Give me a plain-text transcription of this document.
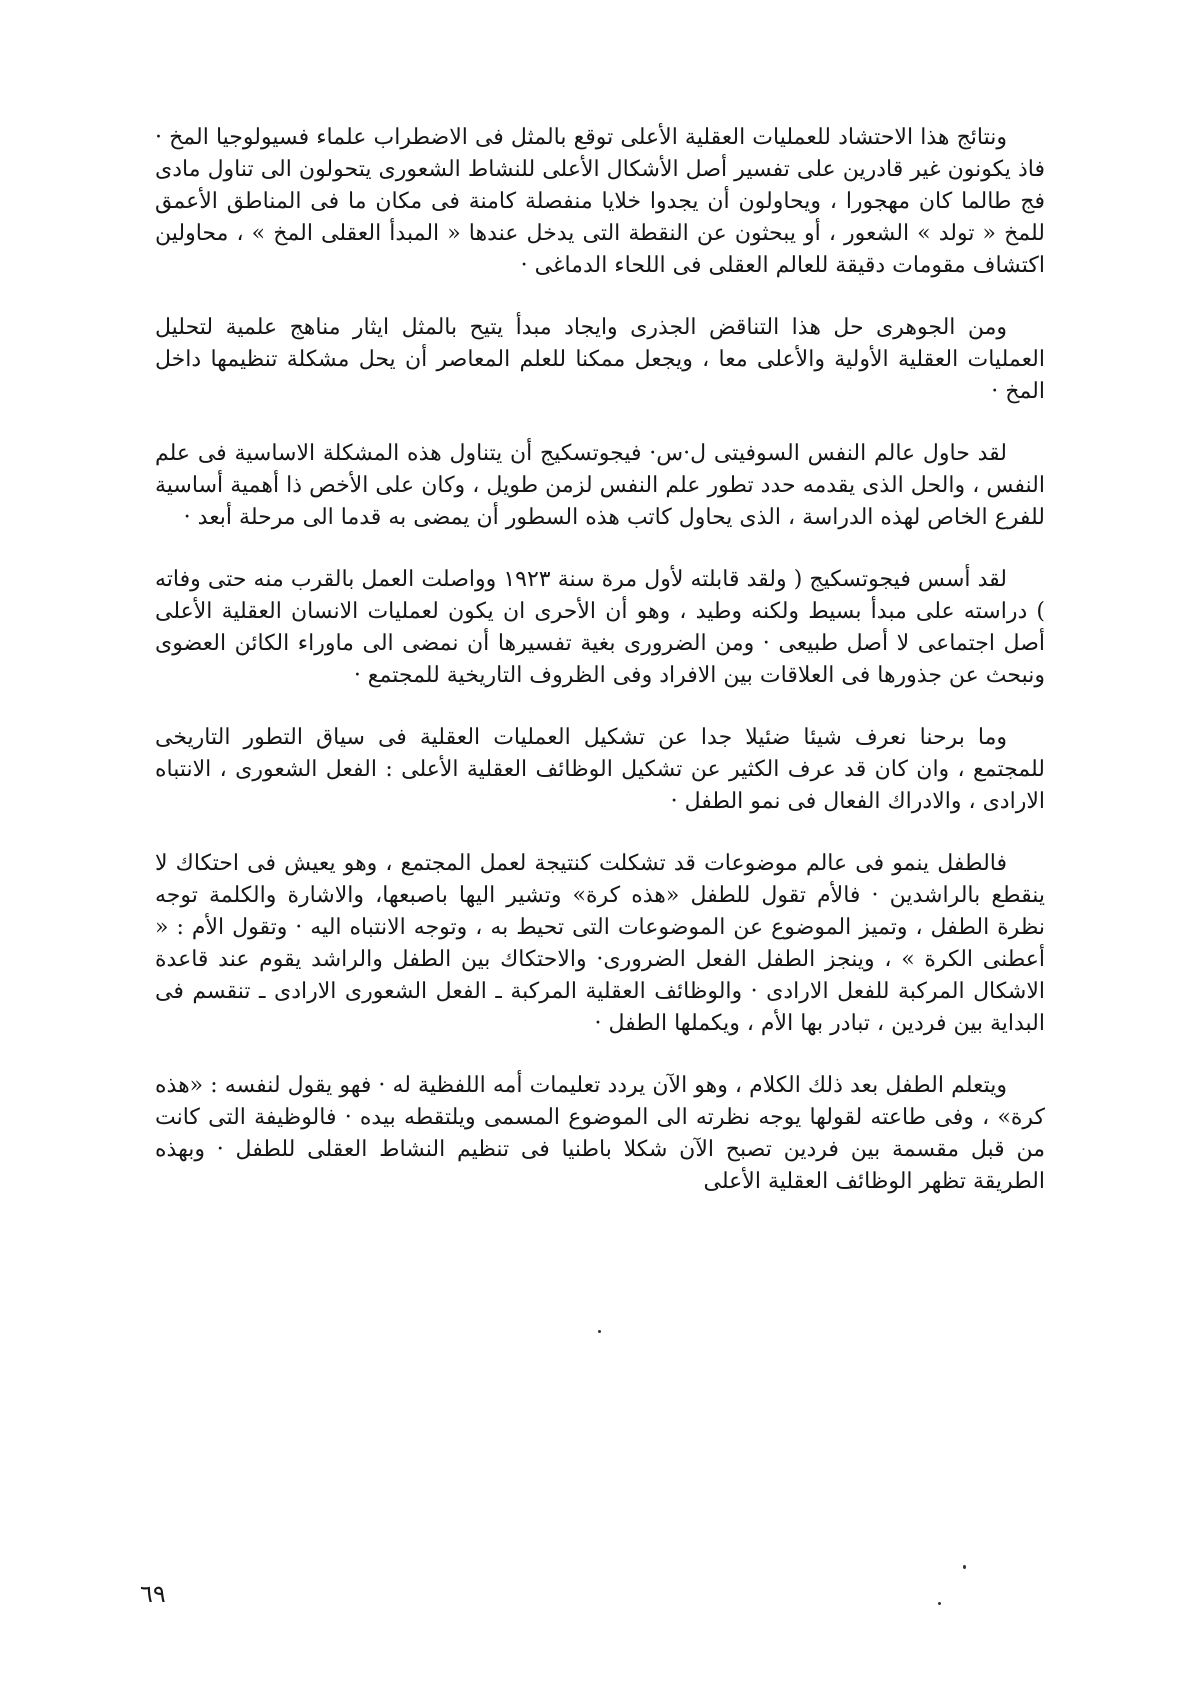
ونتائج هذا الاحتشاد للعمليات العقلية الأعلى توقع بالمثل فى الاضطراب علماء فسيولوجيا المخ · فاذ يكونون غير قادرين على تفسير أصل الأشكال الأعلى للنشاط الشعورى يتحولون الى تناول مادى فج طالما كان مهجورا ، ويحاولون أن يجدوا خلايا منفصلة كامنة فى مكان ما فى المناطق الأعمق للمخ « تولد » الشعور ، أو يبحثون عن النقطة التى يدخل عندها « المبدأ العقلى المخ » ، محاولين اكتشاف مقومات دقيقة للعالم العقلى فى اللحاء الدماغى ·

ومن الجوهرى حل هذا التناقض الجذرى وايجاد مبدأ يتيح بالمثل ايثار مناهج علمية لتحليل العمليات العقلية الأولية والأعلى معا ، ويجعل ممكنا للعلم المعاصر أن يحل مشكلة تنظيمها داخل المخ ·

لقد حاول عالم النفس السوفيتى ل·س· فيجوتسكيج أن يتناول هذه المشكلة الاساسية فى علم النفس ، والحل الذى يقدمه حدد تطور علم النفس لزمن طويل ، وكان على الأخص ذا أهمية أساسية للفرع الخاص لهذه الدراسة ، الذى يحاول كاتب هذه السطور أن يمضى به قدما الى مرحلة أبعد ·

لقد أسس فيجوتسكيج ( ولقد قابلته لأول مرة سنة ١٩٢٣ وواصلت العمل بالقرب منه حتى وفاته ) دراسته على مبدأ بسيط ولكنه وطيد ، وهو أن الأحرى ان يكون لعمليات الانسان العقلية الأعلى أصل اجتماعى لا أصل طبيعى · ومن الضرورى بغية تفسيرها أن نمضى الى ماوراء الكائن العضوى ونبحث عن جذورها فى العلاقات بين الافراد وفى الظروف التاريخية للمجتمع ·

وما برحنا نعرف شيئا ضئيلا جدا عن تشكيل العمليات العقلية فى سياق التطور التاريخى للمجتمع ، وان كان قد عرف الكثير عن تشكيل الوظائف العقلية الأعلى : الفعل الشعورى ، الانتباه الارادى ، والادراك الفعال فى نمو الطفل ·

فالطفل ينمو فى عالم موضوعات قد تشكلت كنتيجة لعمل المجتمع ، وهو يعيش فى احتكاك لا ينقطع بالراشدين · فالأم تقول للطفل «هذه كرة» وتشير اليها باصبعها، والاشارة والكلمة توجه نظرة الطفل ، وتميز الموضوع عن الموضوعات التى تحيط به ، وتوجه الانتباه اليه · وتقول الأم : « أعطنى الكرة » ، وينجز الطفل الفعل الضرورى· والاحتكاك بين الطفل والراشد يقوم عند قاعدة الاشكال المركبة للفعل الارادى · والوظائف العقلية المركبة ـ الفعل الشعورى الارادى ـ تنقسم فى البداية بين فردين ، تبادر بها الأم ، ويكملها الطفل ·

ويتعلم الطفل بعد ذلك الكلام ، وهو الآن يردد تعليمات أمه اللفظية له · فهو يقول لنفسه : «هذه كرة» ، وفى طاعته لقولها يوجه نظرته الى الموضوع المسمى ويلتقطه بيده · فالوظيفة التى كانت من قبل مقسمة بين فردين تصبح الآن شكلا باطنيا فى تنظيم النشاط العقلى للطفل · وبهذه الطريقة تظهر الوظائف العقلية الأعلى

٦٩
